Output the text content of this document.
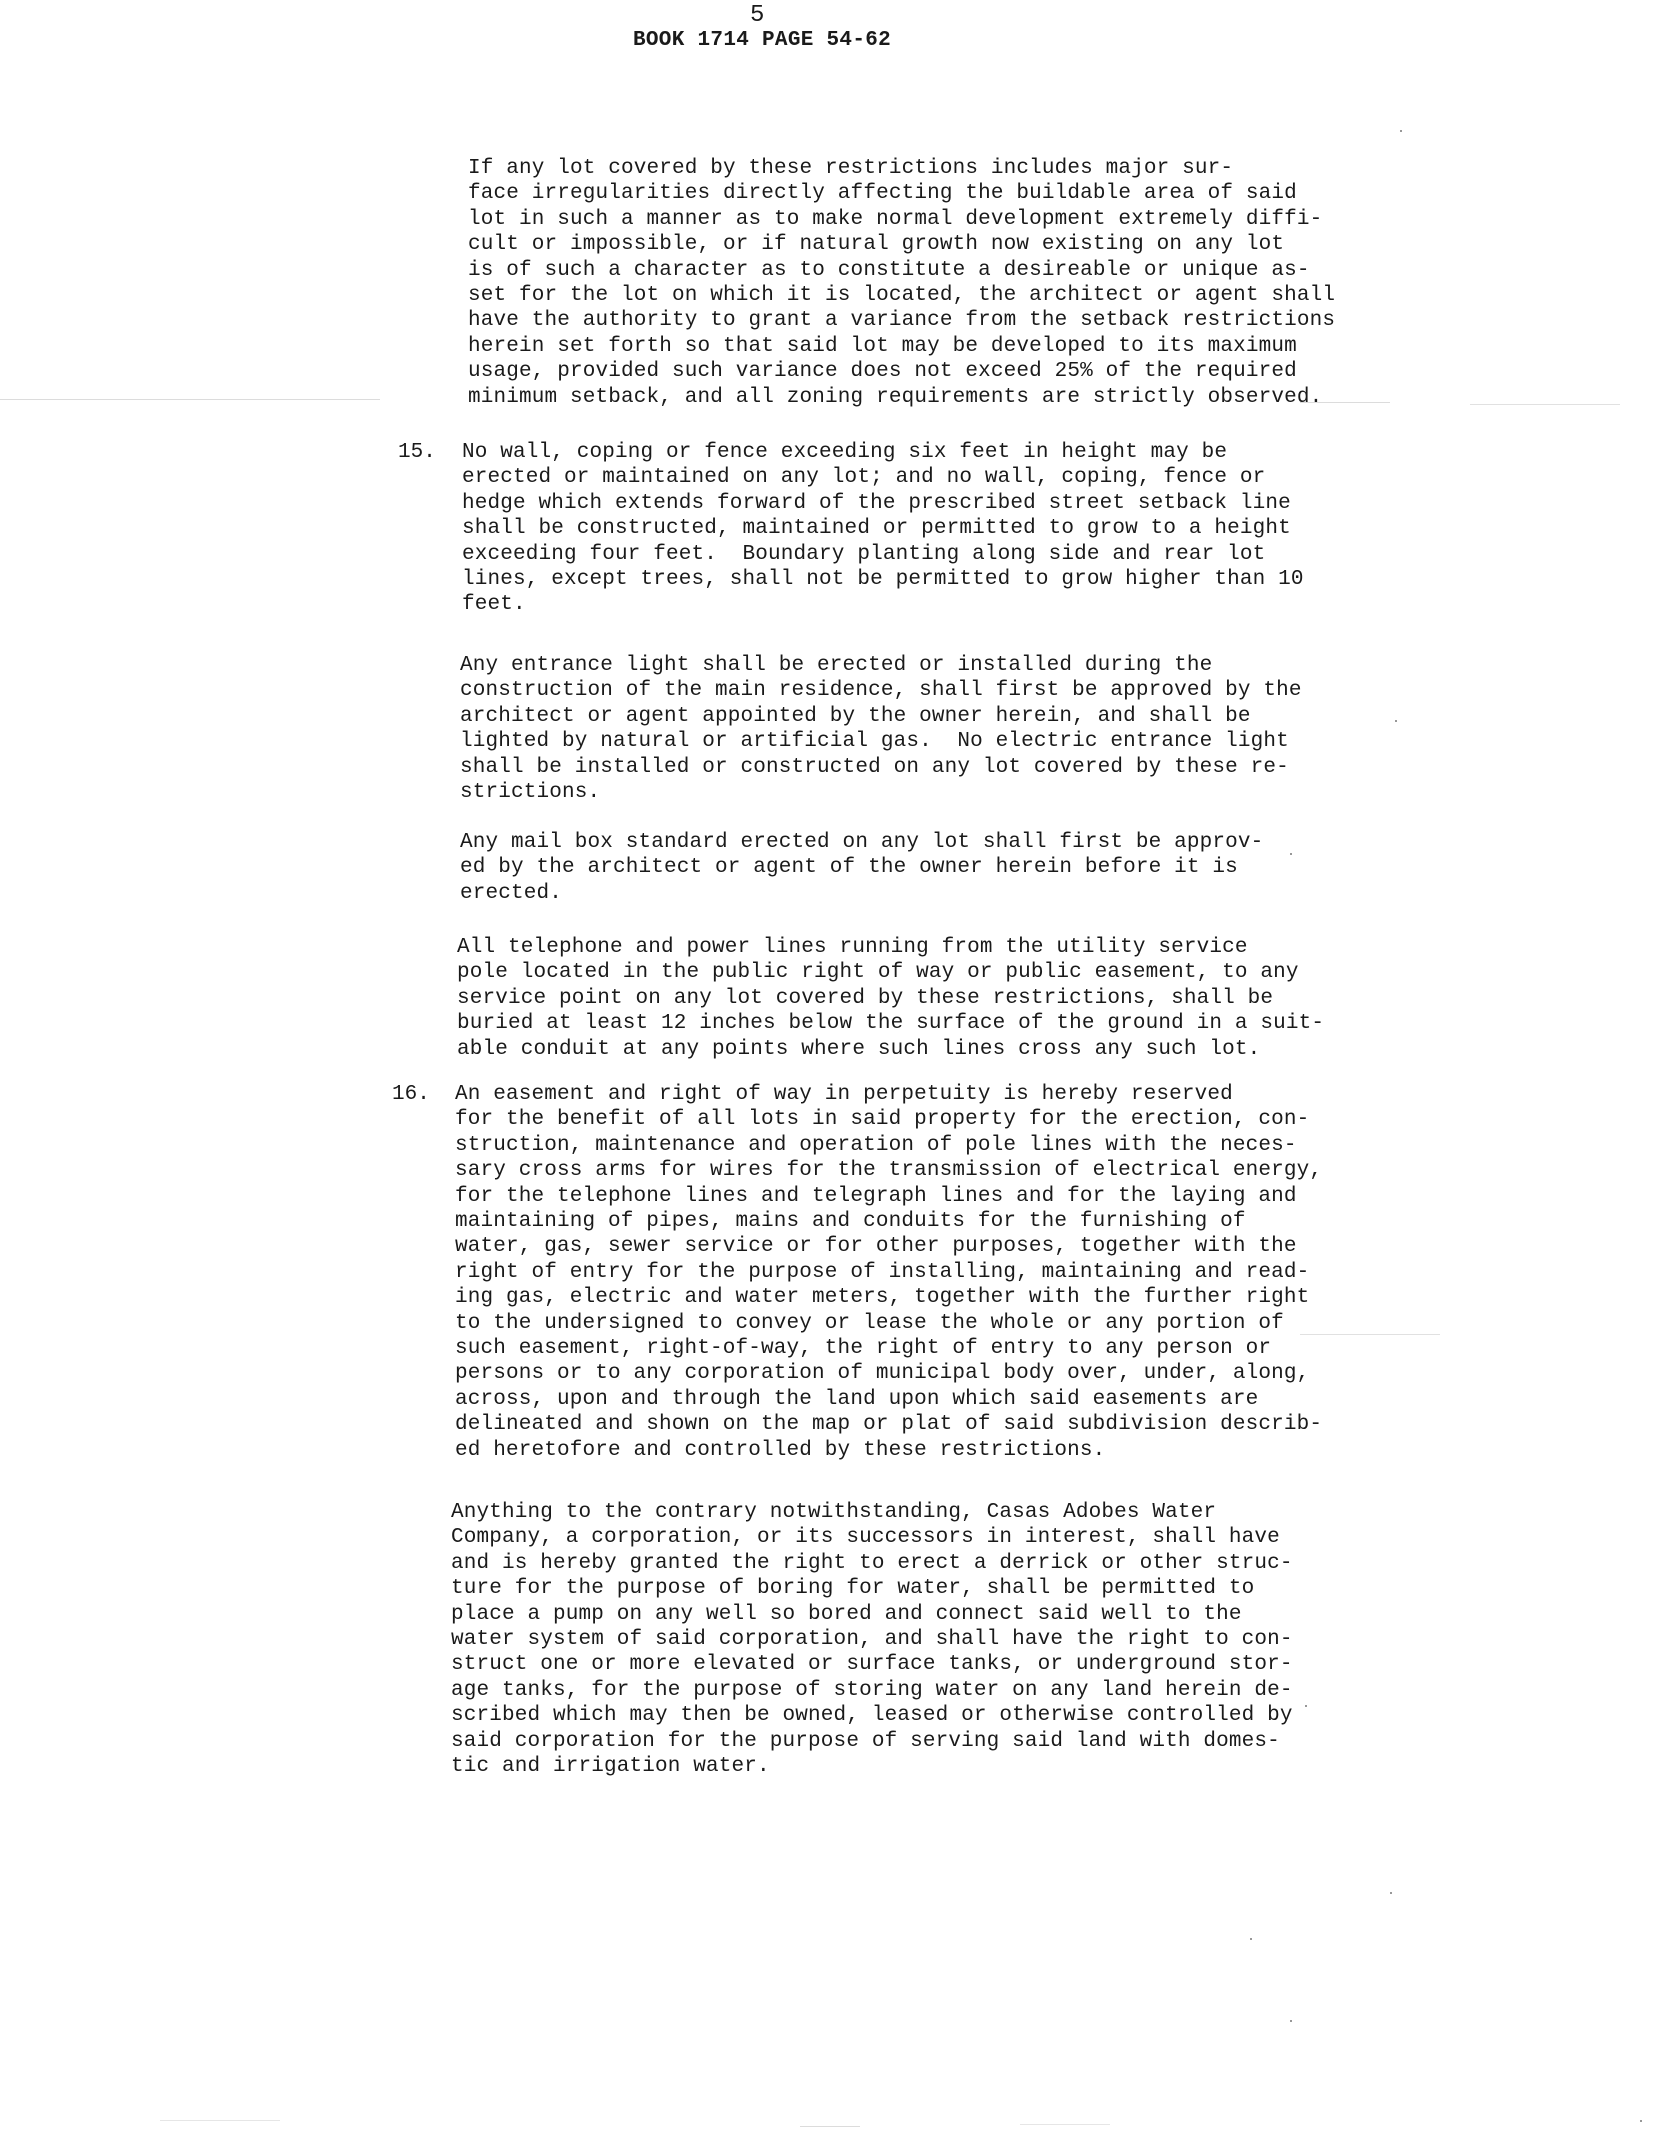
5
BOOK 1714 PAGE 54-62
If any lot covered by these restrictions includes major sur-
face irregularities directly affecting the buildable area of said
lot in such a manner as to make normal development extremely diffi-
cult or impossible, or if natural growth now existing on any lot
is of such a character as to constitute a desireable or unique as-
set for the lot on which it is located, the architect or agent shall
have the authority to grant a variance from the setback restrictions
herein set forth so that said lot may be developed to its maximum
usage, provided such variance does not exceed 25% of the required
minimum setback, and all zoning requirements are strictly observed.
15. No wall, coping or fence exceeding six feet in height may be
erected or maintained on any lot; and no wall, coping, fence or
hedge which extends forward of the prescribed street setback line
shall be constructed, maintained or permitted to grow to a height
exceeding four feet.  Boundary planting along side and rear lot
lines, except trees, shall not be permitted to grow higher than 10
feet.
Any entrance light shall be erected or installed during the
construction of the main residence, shall first be approved by the
architect or agent appointed by the owner herein, and shall be
lighted by natural or artificial gas.  No electric entrance light
shall be installed or constructed on any lot covered by these re-
strictions.
Any mail box standard erected on any lot shall first be approv-
ed by the architect or agent of the owner herein before it is
erected.
All telephone and power lines running from the utility service
pole located in the public right of way or public easement, to any
service point on any lot covered by these restrictions, shall be
buried at least 12 inches below the surface of the ground in a suit-
able conduit at any points where such lines cross any such lot.
16. An easement and right of way in perpetuity is hereby reserved
for the benefit of all lots in said property for the erection, con-
struction, maintenance and operation of pole lines with the neces-
sary cross arms for wires for the transmission of electrical energy,
for the telephone lines and telegraph lines and for the laying and
maintaining of pipes, mains and conduits for the furnishing of
water, gas, sewer service or for other purposes, together with the
right of entry for the purpose of installing, maintaining and read-
ing gas, electric and water meters, together with the further right
to the undersigned to convey or lease the whole or any portion of
such easement, right-of-way, the right of entry to any person or
persons or to any corporation of municipal body over, under, along,
across, upon and through the land upon which said easements are
delineated and shown on the map or plat of said subdivision describ-
ed heretofore and controlled by these restrictions.
Anything to the contrary notwithstanding, Casas Adobes Water
Company, a corporation, or its successors in interest, shall have
and is hereby granted the right to erect a derrick or other struc-
ture for the purpose of boring for water, shall be permitted to
place a pump on any well so bored and connect said well to the
water system of said corporation, and shall have the right to con-
struct one or more elevated or surface tanks, or underground stor-
age tanks, for the purpose of storing water on any land herein de-
scribed which may then be owned, leased or otherwise controlled by
said corporation for the purpose of serving said land with domes-
tic and irrigation water.
